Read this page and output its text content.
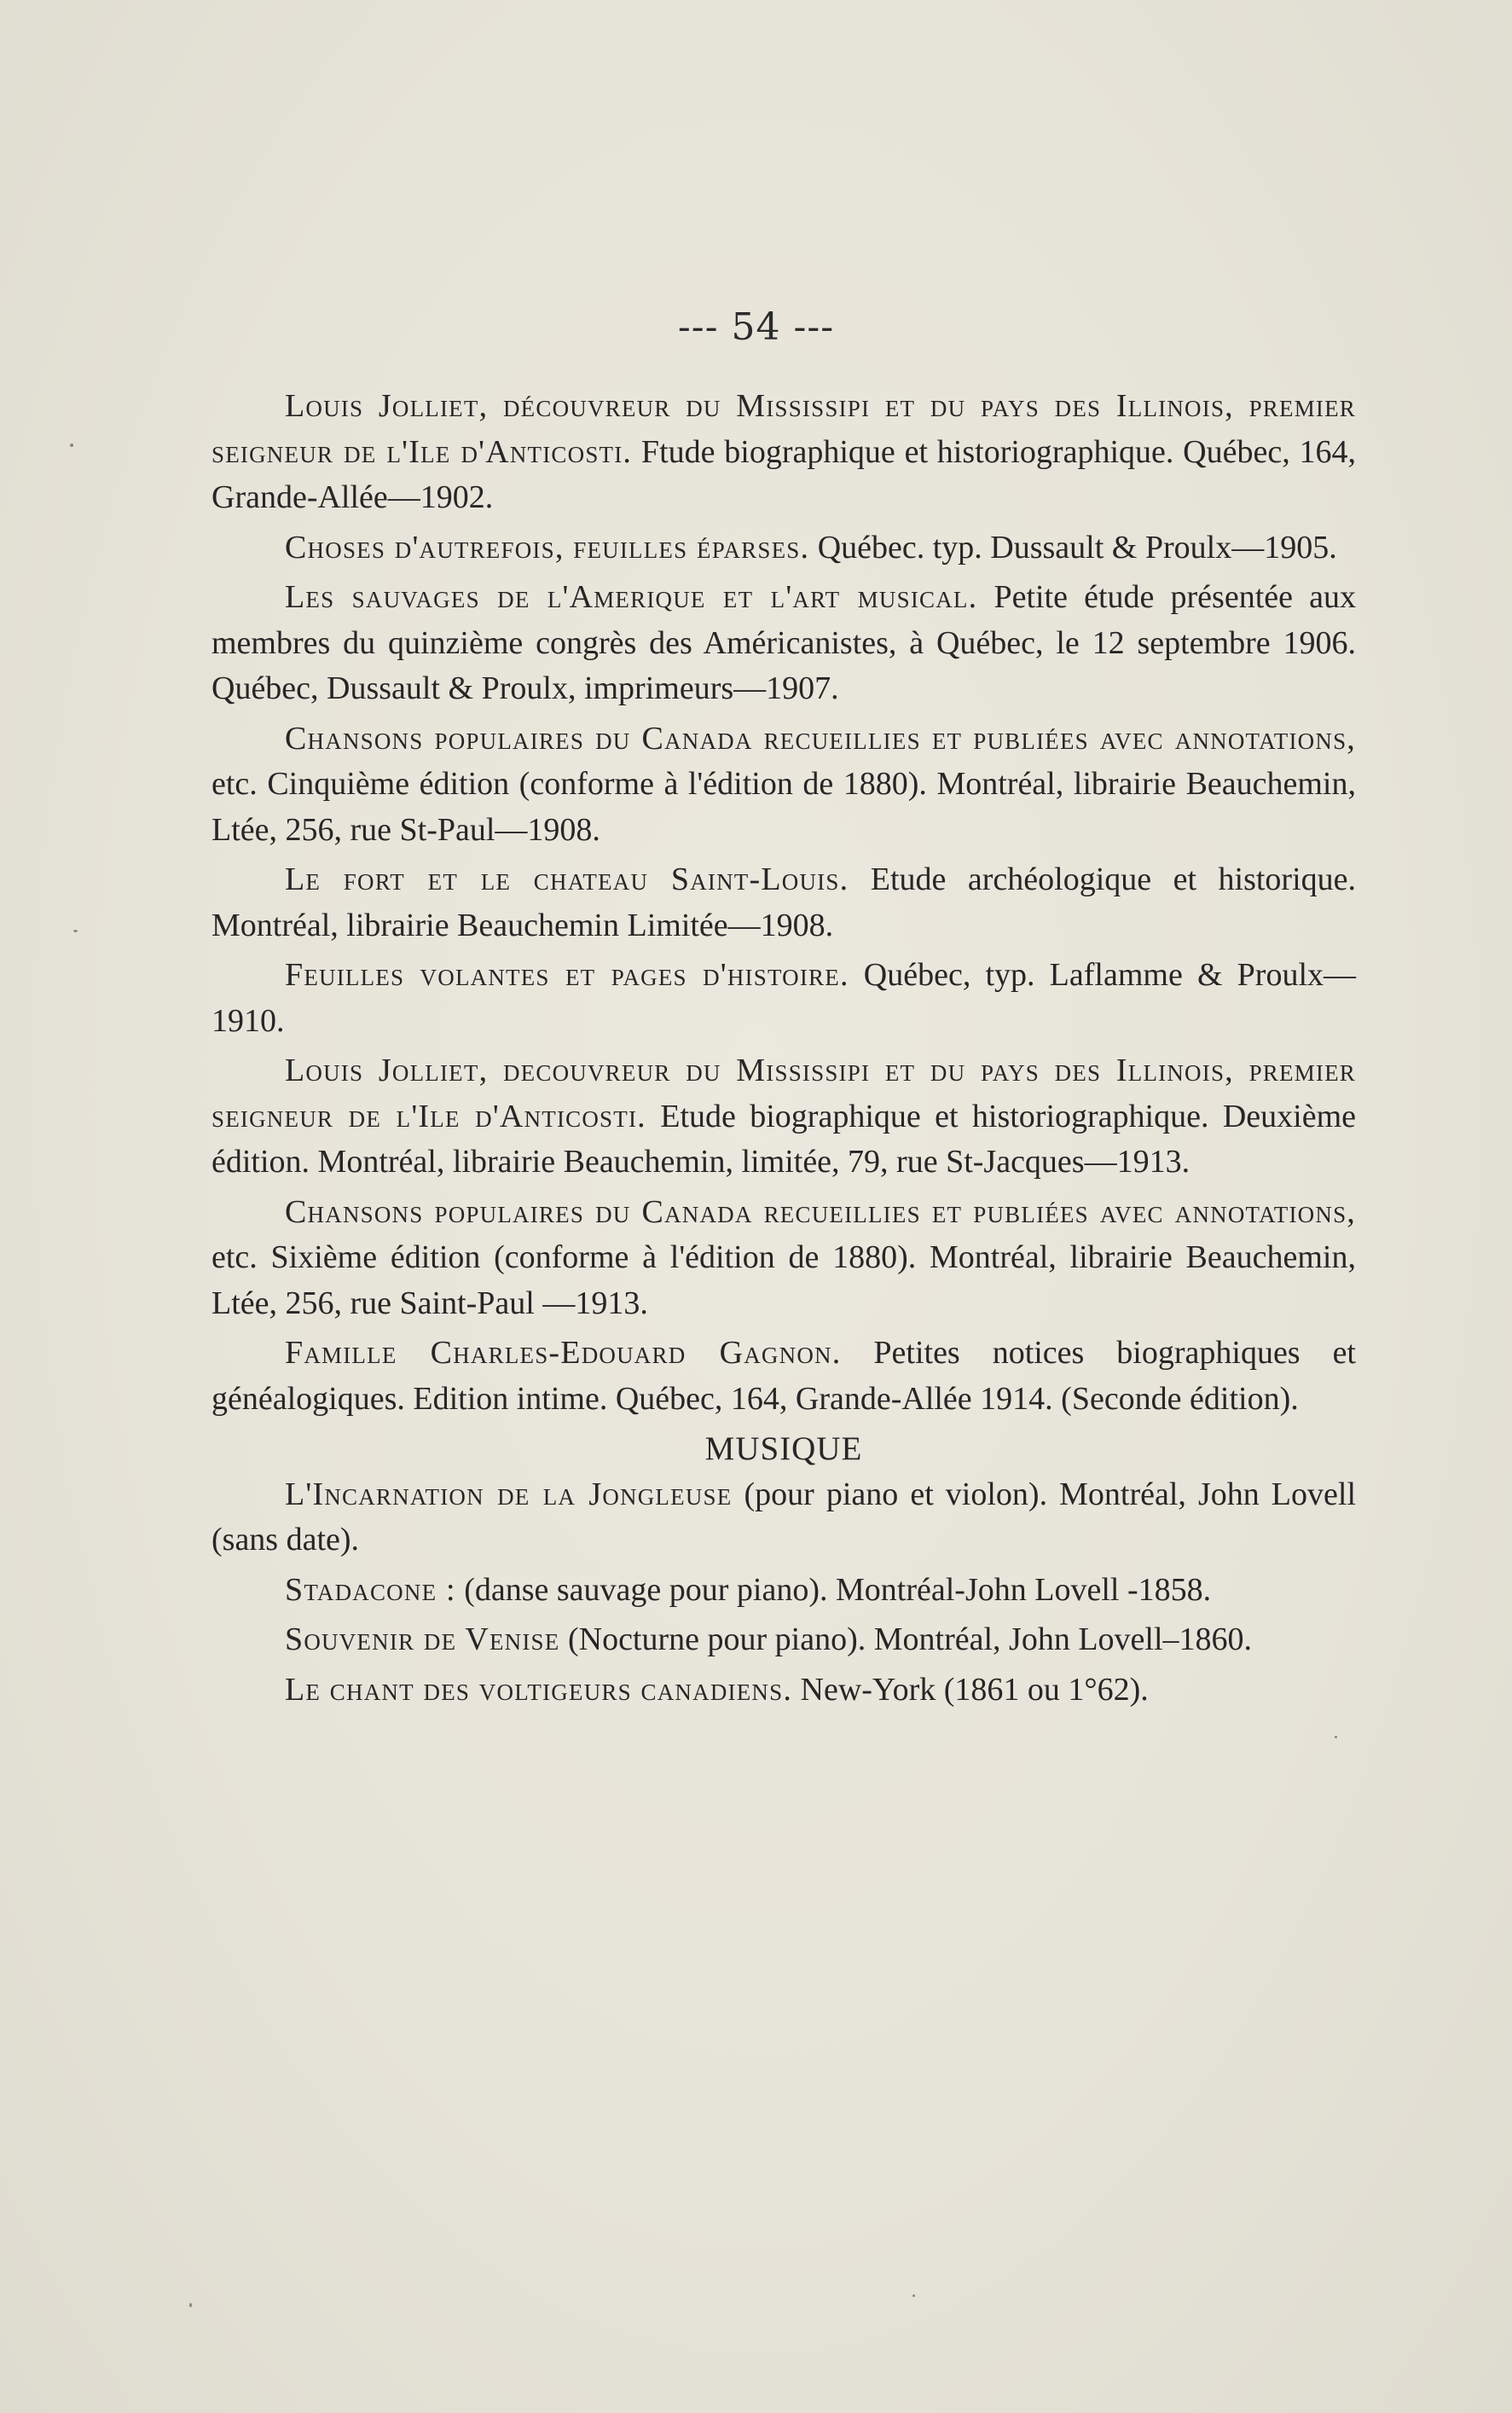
--- 54 ---

Louis Jolliet, découvreur du Mississipi et du pays des Illinois, premier seigneur de l'Ile d'Anticosti. Ftude biographique et historiographique. Québec, 164, Grande-Allée—1902.

Choses d'autrefois, feuilles éparses. Québec. typ. Dussault & Proulx—1905.

Les sauvages de l'Amerique et l'art musical. Petite étude présentée aux membres du quinzième congrès des Américanistes, à Québec, le 12 septembre 1906. Québec, Dussault & Proulx, imprimeurs—1907.

Chansons populaires du Canada recueillies et publiées avec annotations, etc. Cinquième édition (conforme à l'édition de 1880). Montréal, librairie Beauchemin, Ltée, 256, rue St-Paul—1908.

Le fort et le chateau Saint-Louis. Etude archéologique et historique. Montréal, librairie Beauchemin Limitée—1908.

Feuilles volantes et pages d'histoire. Québec, typ. Laflamme & Proulx—1910.

Louis Jolliet, decouvreur du Mississipi et du pays des Illinois, premier seigneur de l'Ile d'Anticosti. Etude biographique et historiographique. Deuxième édition. Montréal, librairie Beauchemin, limitée, 79, rue St-Jacques—1913.

Chansons populaires du Canada recueillies et publiées avec annotations, etc. Sixième édition (conforme à l'édition de 1880). Montréal, librairie Beauchemin, Ltée, 256, rue Saint-Paul —1913.

Famille Charles-Edouard Gagnon. Petites notices biographiques et généalogiques. Edition intime. Québec, 164, Grande-Allée 1914. (Seconde édition).

MUSIQUE

L'Incarnation de la Jongleuse (pour piano et violon). Montréal, John Lovell (sans date).

Stadacone : (danse sauvage pour piano). Montréal-John Lovell -1858.

Souvenir de Venise (Nocturne pour piano). Montréal, John Lovell–1860.

Le chant des voltigeurs canadiens. New-York (1861 ou 1°62).
